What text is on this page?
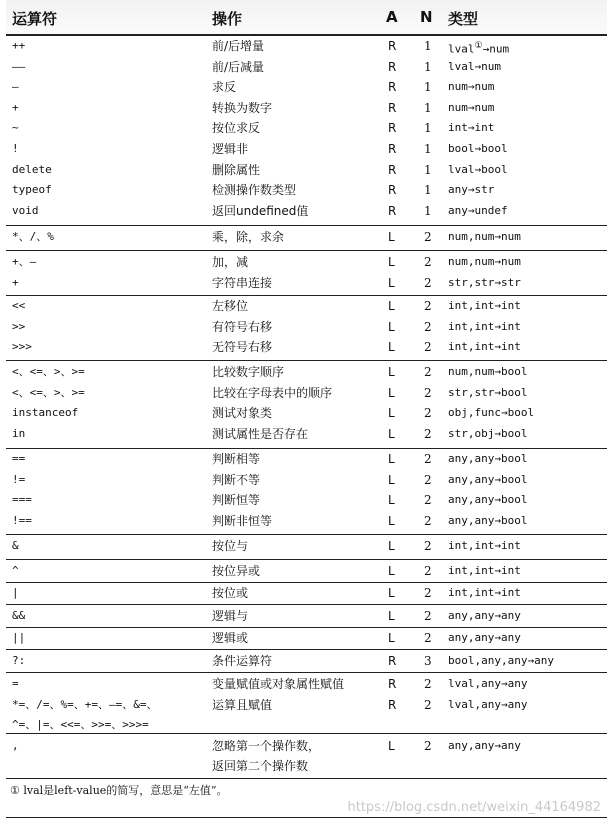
运算符	操作	A N 类型
++	前/后增量	R 1 lval①→num
——	前/后减量	R 1 lval→num
—	求反	R 1 num→num
+	转换为数字	R 1 num→num
~	按位求反	R 1 int→int
!	逻辑非	R 1 bool→bool
delete	删除属性	R 1 lval→bool
typeof	检测操作数类型	R 1 any→str
void	返回undefined值	R 1 any→undef
*、/、%	乘，除，求余	L 2 num,num→num
+、—	加，减	L 2 num,num→num
+	字符串连接	L 2 str,str→str
<<	左移位	L 2 int,int→int
>>	有符号右移	L 2 int,int→int
>>>	无符号右移	L 2 int,int→int
<、<=、>、>=	比较数字顺序	L 2 num,num→bool
<、<=、>、>=	比较在字母表中的顺序	L 2 str,str→bool
instanceof	测试对象类	L 2 obj,func→bool
in	测试属性是否存在	L 2 str,obj→bool
==	判断相等	L 2 any,any→bool
!=	判断不等	L 2 any,any→bool
===	判断恒等	L 2 any,any→bool
!==	判断非恒等	L 2 any,any→bool
&	按位与	L 2 int,int→int
^	按位异或	L 2 int,int→int
|	按位或	L 2 int,int→int
&&	逻辑与	L 2 any,any→any
||	逻辑或	L 2 any,any→any
?:	条件运算符	R 3 bool,any,any→any
=	变量赋值或对象属性赋值	R 2 lval,any→any
*=、/=、%=、+=、—=、&=、	运算且赋值	R 2 lval,any→any
^=、|=、<<=、>>=、>>>=
,	忽略第一个操作数，	L 2 any,any→any
返回第二个操作数
① lval是left-value的简写，意思是“左值”。
https://blog.csdn.net/weixin_44164982
